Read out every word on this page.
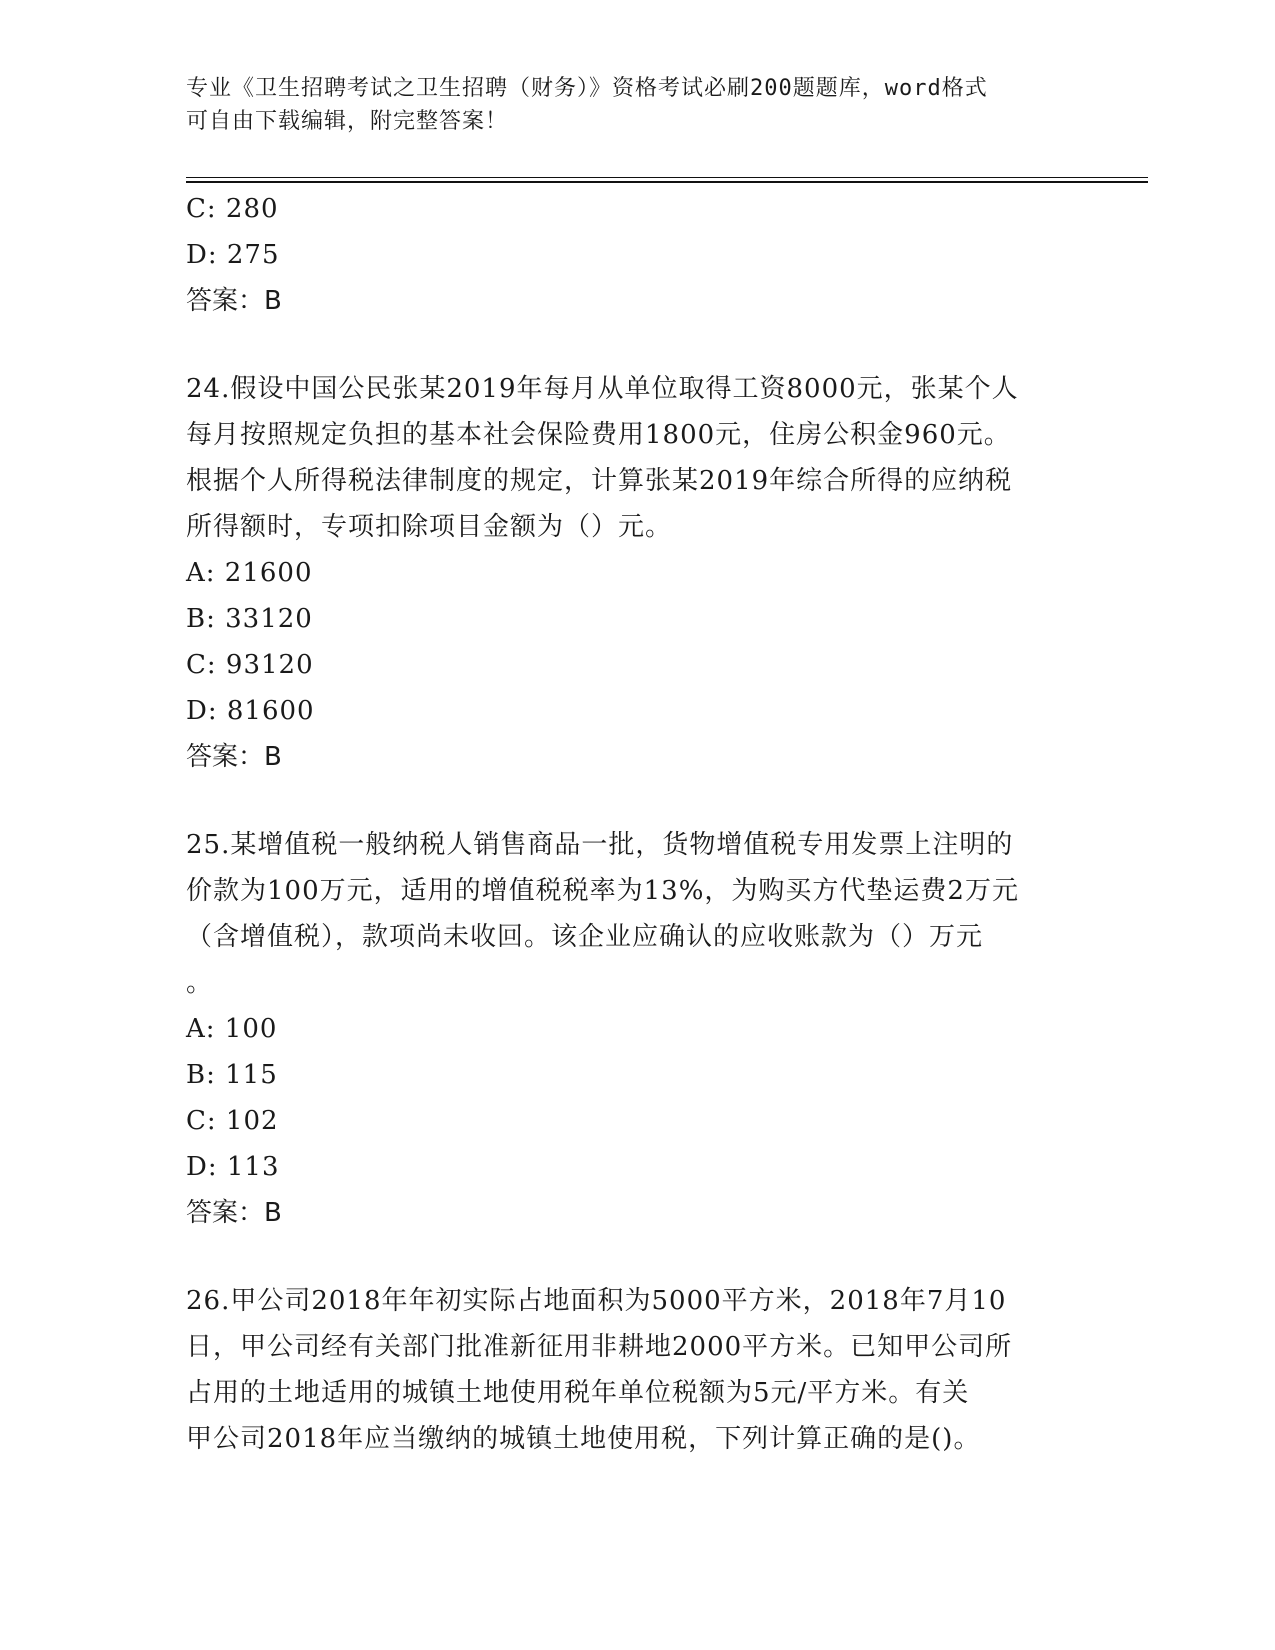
专业《卫生招聘考试之卫生招聘（财务）》资格考试必刷200题题库，word格式
可自由下载编辑，附完整答案！
C: 280
D: 275
答案：B
24.假设中国公民张某2019年每月从单位取得工资8000元，张某个人
每月按照规定负担的基本社会保险费用1800元，住房公积金960元。
根据个人所得税法律制度的规定，计算张某2019年综合所得的应纳税
所得额时，专项扣除项目金额为（）元。
A: 21600
B: 33120
C: 93120
D: 81600
答案：B
25.某增值税一般纳税人销售商品一批，货物增值税专用发票上注明的
价款为100万元，适用的增值税税率为13%，为购买方代垫运费2万元
（含增值税），款项尚未收回。该企业应确认的应收账款为（）万元
。
A: 100
B: 115
C: 102
D: 113
答案：B
26.甲公司2018年年初实际占地面积为5000平方米，2018年7月10
日，甲公司经有关部门批准新征用非耕地2000平方米。已知甲公司所
占用的土地适用的城镇土地使用税年单位税额为5元/平方米。有关
甲公司2018年应当缴纳的城镇土地使用税，下列计算正确的是()。
